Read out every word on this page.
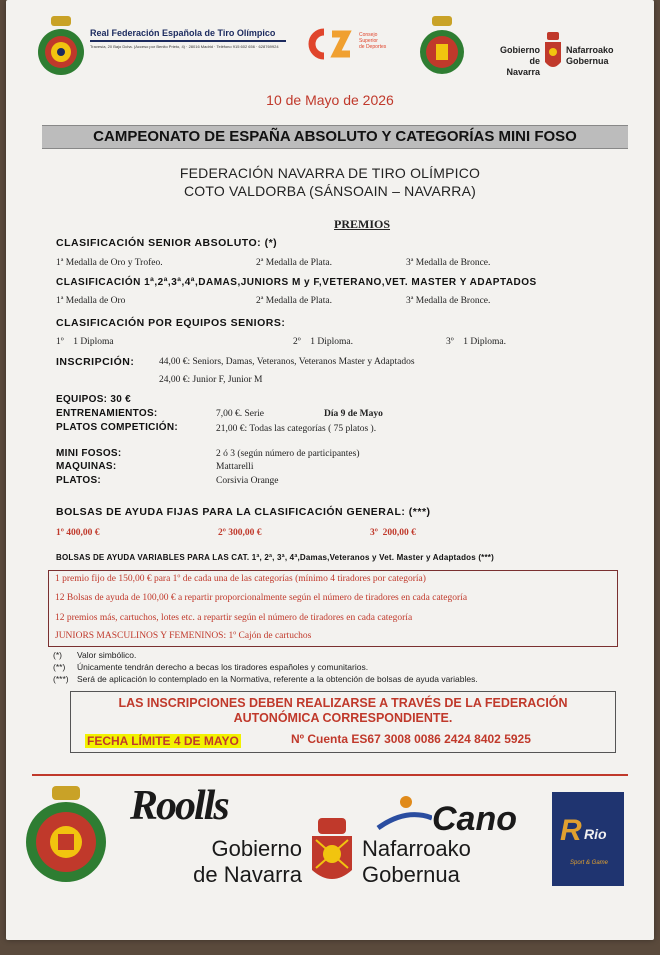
Real Federación Española de Tiro Olímpico
Travesía, 20 Bajo Dcha. (Acceso por Benito Prieto, 4) · 28016 Madrid · Teléfono 915 602 656 · 628769924
Consejo
Superior
de Deportes	Gobierno
de Navarra
Nafarroako
Gobernua
10 de Mayo de 2026
CAMPEONATO DE ESPAÑA ABSOLUTO Y CATEGORÍAS MINI FOSO
FEDERACIÓN NAVARRA DE TIRO OLÍMPICO
COTO VALDORBA (SÁNSOAIN – NAVARRA)
PREMIOS
CLASIFICACIÓN SENIOR ABSOLUTO: (*)
1ª Medalla de Oro y Trofeo.	2ª Medalla de Plata.	3ª Medalla de Bronce.
CLASIFICACIÓN 1ª,2ª,3ª,4ª,DAMAS,JUNIORS M y F,VETERANO,VET. MASTER Y ADAPTADOS
1ª Medalla de Oro	2ª Medalla de Plata.	3ª Medalla de Bronce.
CLASIFICACIÓN POR EQUIPOS SENIORS:
1º    1 Diploma	2º    1 Diploma.	3º    1 Diploma.
INSCRIPCIÓN:	44,00 €: Seniors, Damas, Veteranos, Veteranos Master y Adaptados
24,00 €: Junior F, Junior M
EQUIPOS: 30 €
ENTRENAMIENTOS:	7,00 €. Serie	Día 9 de Mayo
PLATOS COMPETICIÓN:	21,00 €: Todas las categorías ( 75 platos ).
MINI FOSOS:	2 ó 3 (según número de participantes)
MAQUINAS:	Mattarelli
PLATOS:	Corsivia Orange
BOLSAS DE AYUDA FIJAS PARA LA CLASIFICACIÓN GENERAL: (***)
1º 400,00 €	2º 300,00 €	3º  200,00 €
BOLSAS DE AYUDA VARIABLES PARA LAS CAT. 1ª, 2ª, 3ª, 4ª,Damas,Veteranos y Vet. Master y Adaptados (***)
1 premio fijo de 150,00 € para 1º de cada una de las categorías (mínimo 4 tiradores por categoría)
12 Bolsas de ayuda de 100,00 € a repartir proporcionalmente según el número de tiradores en cada categoría
12 premios más, cartuchos, lotes etc. a repartir según el número de tiradores en cada categoría
JUNIORS MASCULINOS Y FEMENINOS: 1º Cajón de cartuchos
(*) Valor simbólico.
(**) Únicamente tendrán derecho a becas los tiradores españoles y comunitarios.
(***) Será de aplicación lo contemplado en la Normativa, referente a la obtención de bolsas de ayuda variables.
LAS INSCRIPCIONES DEBEN REALIZARSE A TRAVÉS DE LA FEDERACIÓN
AUTONÓMICA CORRESPONDIENTE.
FECHA LÍMITE 4 DE MAYO	Nº Cuenta ES67 3008 0086 2424 8402 5925
Roolls
Gobierno
de Navarra
Nafarroako
Gobernua
Cano R Rio
Sport & Game
